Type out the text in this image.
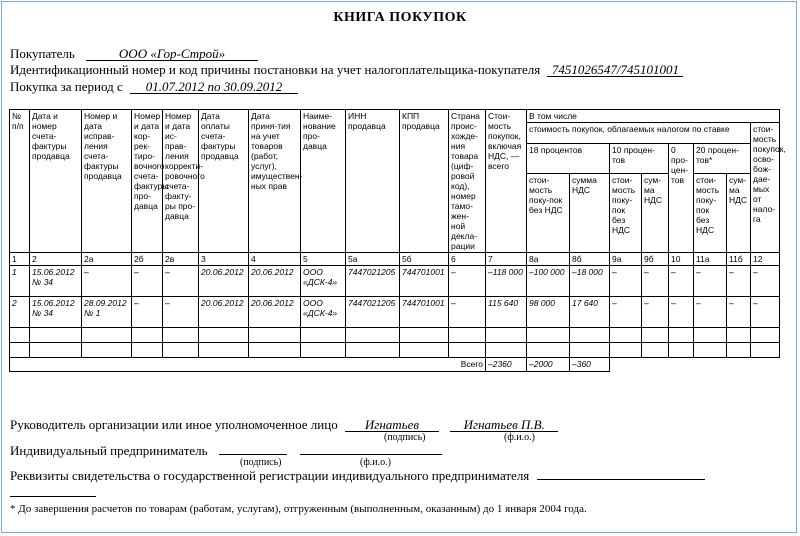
КНИГА ПОКУПОК
Покупатель	ООО «Гор-Строй»
Идентификационный номер и код причины постановки на учет налогоплательщика-покупателя 7451026547/745101001
Покупка за период с 01.07.2012 по 30.09.2012
№ п/п	Дата и номер счета-фактуры продавца	Номер и дата исправ-ления счета-фактуры продавца	Номер и дата кор-рек-тиро-вочного счета-фактуры про-давца	Номер и дата ис-прав-ления корректи-ровочного счета-факту-ры про-давца	Дата оплаты счета-фактуры продавца	Дата приня-тия на учет товаров (работ, услуг), имуществен-ных прав	Наиме-нование про-давца	ИНН продавца	КПП продавца	Страна проис-хожде-ния товара (циф-ровой код), номер тамо-жен-ной декла-рации	Стои-мость покупок, включая НДС, — всего	В том числе							
												стоимость покупок, облагаемых налогом по ставке							стои-мость покупок, осво-бож-дае-мых от нало-га
												18 процентов		10 процен-тов		0 про-цен-тов	20 процен-тов*		
												стои-мость поку-пок без НДС	сумма НДС	стои-мость поку-пок без НДС	сум-ма НДС		стои-мость поку-пок без НДС	сум-ма НДС	
1	2	2а	2б	2в	3	4	5	5а	5б	6	7	8а	8б	9а	9б	10	11а	11б	12
1	15.06.2012 № 34	–	–	–	20.06.2012	20.06.2012	ООО «ДСК-4»	7447021205	744701001	–	–118 000	–100 000	–18 000	–	–	–	–	–	–
2	15.06.2012 № 34	28.09.2012 № 1	–	–	20.06.2012	20.06.2012	ООО «ДСК-4»	7447021205	744701001	–	115 640	98 000	17 640	–	–	–	–	–	–

Всего											–2360	–2000	–360						
Руководитель организации или иное уполномоченное лицо Игнатьев	Игнатьев П.В.
(подпись)	(ф.и.о.)
Индивидуальный предприниматель
(подпись)	(ф.и.о.)
Реквизиты свидетельства о государственной регистрации индивидуального предпринимателя
* До завершения расчетов по товарам (работам, услугам), отгруженным (выполненным, оказанным) до 1 января 2004 года.
